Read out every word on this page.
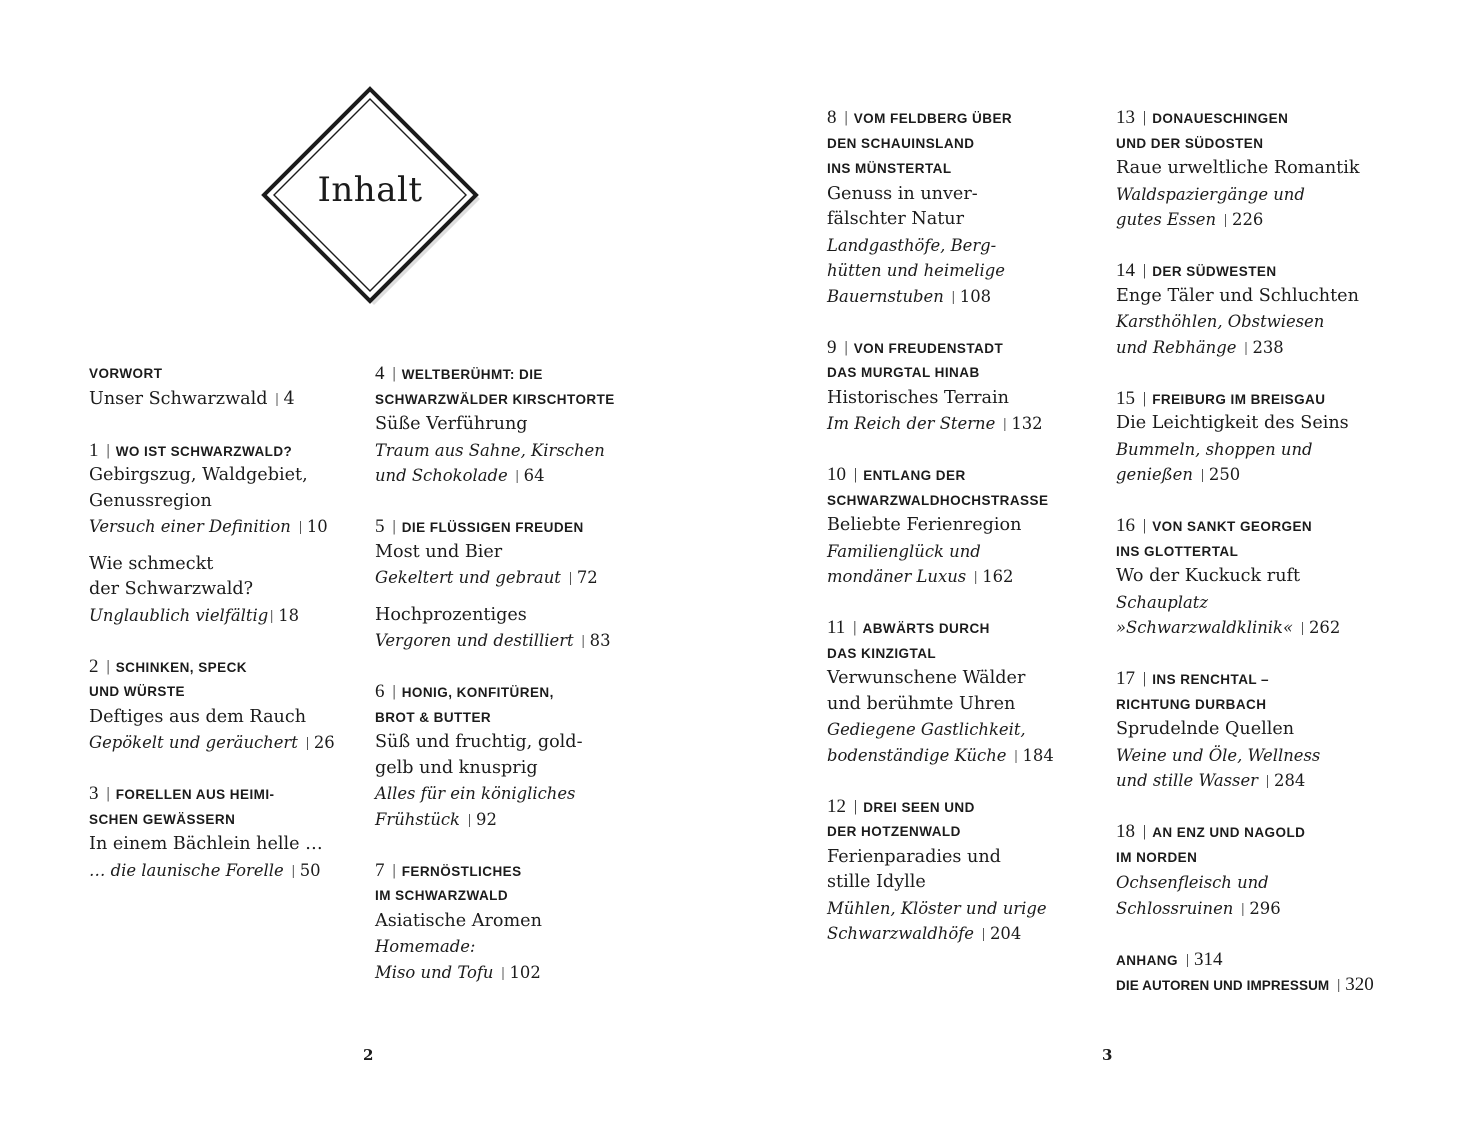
Inhalt
VORWORT
Unser Schwarzwald | 4
1 | WO IST SCHWARZWALD?
Gebirgszug, Waldgebiet,
Genussregion
Versuch einer Definition | 10
Wie schmeckt
der Schwarzwald?
Unglaublich vielfältig | 18
2 | SCHINKEN, SPECK
UND WÜRSTE
Deftiges aus dem Rauch
Gepökelt und geräuchert | 26
3 | FORELLEN AUS HEIMI-
SCHEN GEWÄSSERN
In einem Bächlein helle …
… die launische Forelle | 50
4 | WELTBERÜHMT: DIE
SCHWARZWÄLDER KIRSCHTORTE
Süße Verführung
Traum aus Sahne, Kirschen
und Schokolade | 64
5 | DIE FLÜSSIGEN FREUDEN
Most und Bier
Gekeltert und gebraut | 72
Hochprozentiges
Vergoren und destilliert | 83
6 | HONIG, KONFITÜREN,
BROT & BUTTER
Süß und fruchtig, gold-
gelb und knusprig
Alles für ein königliches
Frühstück | 92
7 | FERNÖSTLICHES
IM SCHWARZWALD
Asiatische Aromen
Homemade:
Miso und Tofu | 102
2
8 | VOM FELDBERG ÜBER
DEN SCHAUINSLAND
INS MÜNSTERTAL
Genuss in unver-
fälschter Natur
Landgasthöfe, Berg-
hütten und heimelige
Bauernstuben | 108
9 | VON FREUDENSTADT
DAS MURGTAL HINAB
Historisches Terrain
Im Reich der Sterne | 132
10 | ENTLANG DER
SCHWARZWALDHOCHSTRASSE
Beliebte Ferienregion
Familienglück und
mondäner Luxus | 162
11 | ABWÄRTS DURCH
DAS KINZIGTAL
Verwunschene Wälder
und berühmte Uhren
Gediegene Gastlichkeit,
bodenständige Küche | 184
12 | DREI SEEN UND
DER HOTZENWALD
Ferienparadies und
stille Idylle
Mühlen, Klöster und urige
Schwarzwaldhöfe | 204
13 | DONAUESCHINGEN
UND DER SÜDOSTEN
Raue urweltliche Romantik
Waldspaziergänge und
gutes Essen | 226
14 | DER SÜDWESTEN
Enge Täler und Schluchten
Karsthöhlen, Obstwiesen
und Rebhänge | 238
15 | FREIBURG IM BREISGAU
Die Leichtigkeit des Seins
Bummeln, shoppen und
genießen | 250
16 | VON SANKT GEORGEN
INS GLOTTERTAL
Wo der Kuckuck ruft
Schauplatz
»Schwarzwaldklinik« | 262
17 | INS RENCHTAL –
RICHTUNG DURBACH
Sprudelnde Quellen
Weine und Öle, Wellness
und stille Wasser | 284
18 | AN ENZ UND NAGOLD
IM NORDEN
Ochsenfleisch und
Schlossruinen | 296
ANHANG | 314
DIE AUTOREN UND IMPRESSUM | 320
3
